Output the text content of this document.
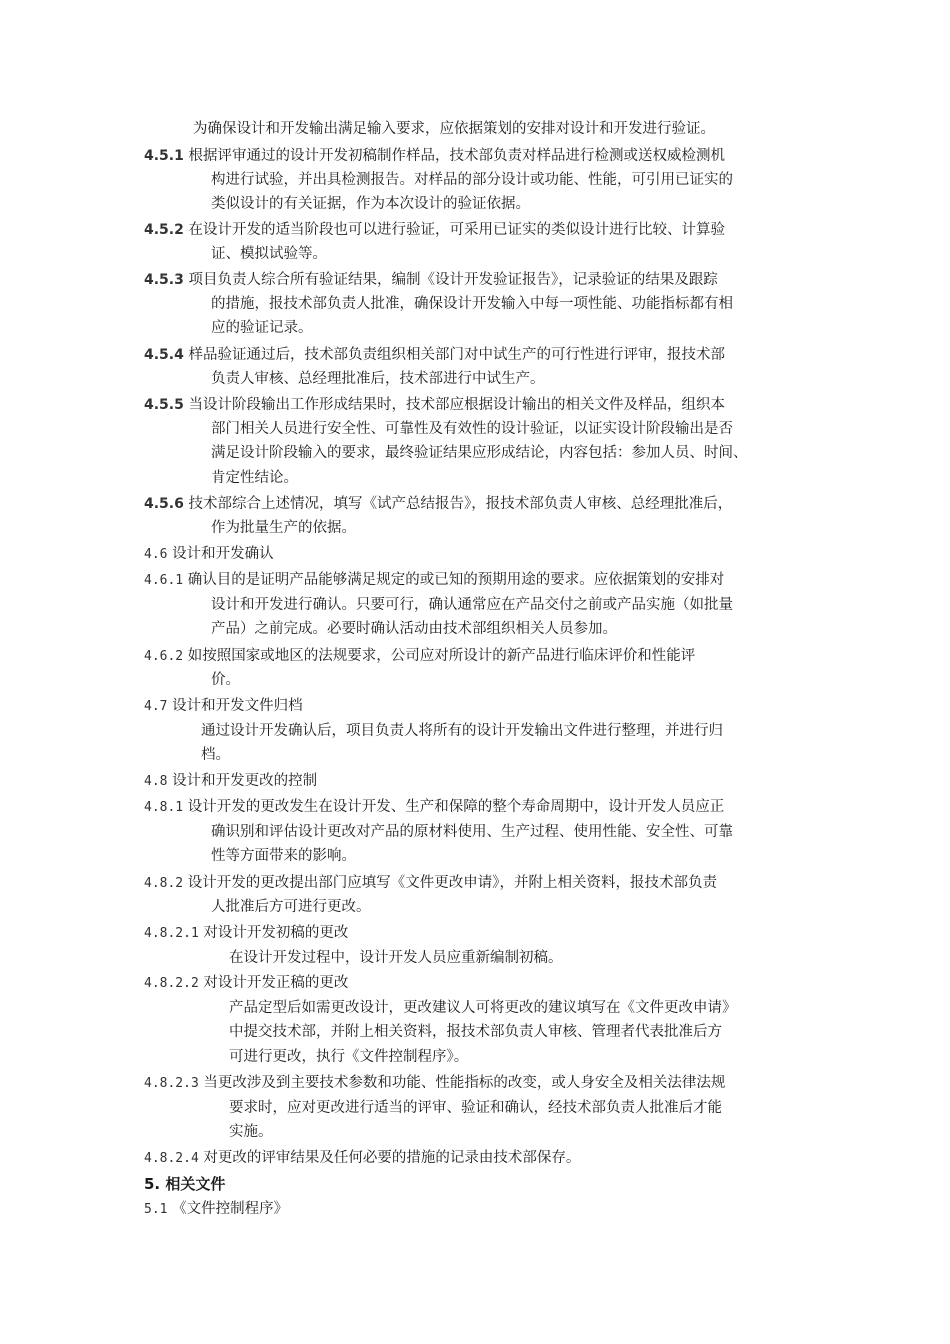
为确保设计和开发输出满足输入要求，应依据策划的安排对设计和开发进行验证。
4.5.1 根据评审通过的设计开发初稿制作样品，技术部负责对样品进行检测或送权威检测机
构进行试验，并出具检测报告。对样品的部分设计或功能、性能，可引用已证实的
类似设计的有关证据，作为本次设计的验证依据。
4.5.2 在设计开发的适当阶段也可以进行验证，可采用已证实的类似设计进行比较、计算验
证、模拟试验等。
4.5.3 项目负责人综合所有验证结果，编制《设计开发验证报告》，记录验证的结果及跟踪
的措施，报技术部负责人批准，确保设计开发输入中每一项性能、功能指标都有相
应的验证记录。
4.5.4 样品验证通过后，技术部负责组织相关部门对中试生产的可行性进行评审，报技术部
负责人审核、总经理批准后，技术部进行中试生产。
4.5.5 当设计阶段输出工作形成结果时，技术部应根据设计输出的相关文件及样品，组织本
部门相关人员进行安全性、可靠性及有效性的设计验证，以证实设计阶段输出是否
满足设计阶段输入的要求，最终验证结果应形成结论，内容包括：参加人员、时间、
肯定性结论。
4.5.6 技术部综合上述情况，填写《试产总结报告》，报技术部负责人审核、总经理批准后，
作为批量生产的依据。
4.6 设计和开发确认
4.6.1 确认目的是证明产品能够满足规定的或已知的预期用途的要求。应依据策划的安排对
设计和开发进行确认。只要可行，确认通常应在产品交付之前或产品实施（如批量
产品）之前完成。必要时确认活动由技术部组织相关人员参加。
4.6.2 如按照国家或地区的法规要求，公司应对所设计的新产品进行临床评价和性能评
价。
4.7 设计和开发文件归档
通过设计开发确认后，项目负责人将所有的设计开发输出文件进行整理，并进行归
档。
4.8 设计和开发更改的控制
4.8.1 设计开发的更改发生在设计开发、生产和保障的整个寿命周期中，设计开发人员应正
确识别和评估设计更改对产品的原材料使用、生产过程、使用性能、安全性、可靠
性等方面带来的影响。
4.8.2 设计开发的更改提出部门应填写《文件更改申请》，并附上相关资料，报技术部负责
人批准后方可进行更改。
4.8.2.1 对设计开发初稿的更改
在设计开发过程中，设计开发人员应重新编制初稿。
4.8.2.2 对设计开发正稿的更改
产品定型后如需更改设计，更改建议人可将更改的建议填写在《文件更改申请》
中提交技术部，并附上相关资料，报技术部负责人审核、管理者代表批准后方
可进行更改，执行《文件控制程序》。
4.8.2.3 当更改涉及到主要技术参数和功能、性能指标的改变，或人身安全及相关法律法规
要求时，应对更改进行适当的评审、验证和确认，经技术部负责人批准后才能
实施。
4.8.2.4 对更改的评审结果及任何必要的措施的记录由技术部保存。
5. 相关文件
5.1 《文件控制程序》
